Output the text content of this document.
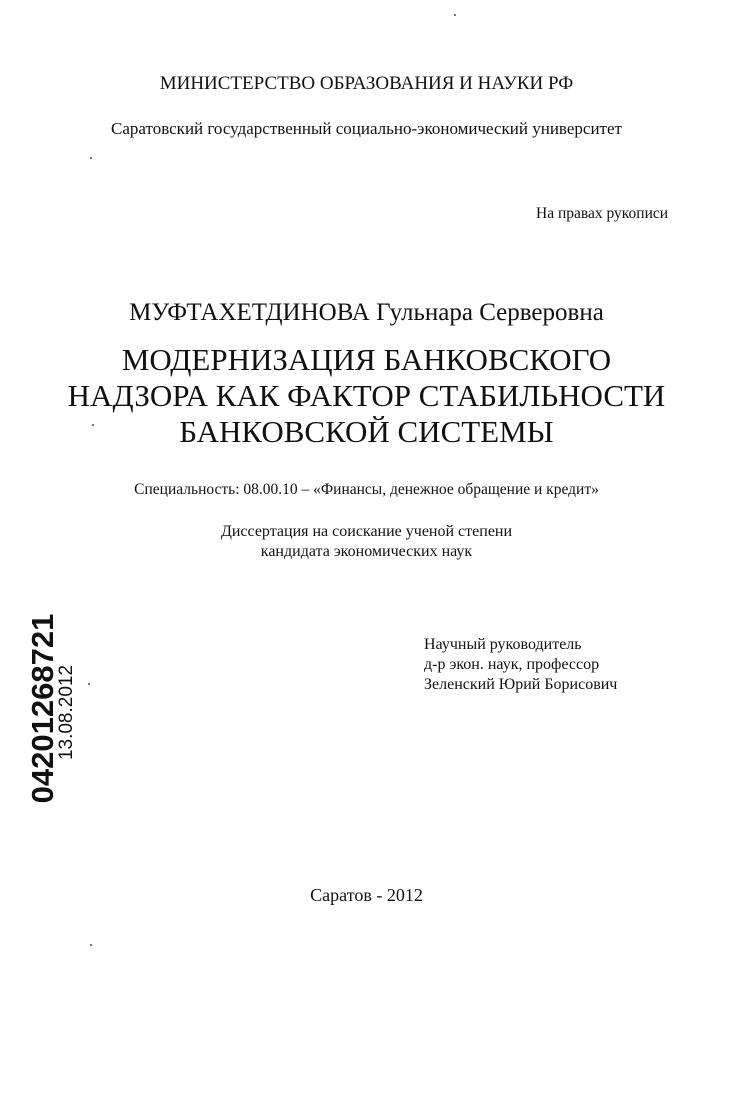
МИНИСТЕРСТВО ОБРАЗОВАНИЯ И НАУКИ РФ
Саратовский государственный социально-экономический университет
На правах рукописи
МУФТАХЕТДИНОВА Гульнара Серверовна
МОДЕРНИЗАЦИЯ БАНКОВСКОГО
НАДЗОРА КАК ФАКТОР СТАБИЛЬНОСТИ
БАНКОВСКОЙ СИСТЕМЫ
Специальность: 08.00.10 – «Финансы, денежное обращение и кредит»
Диссертация на соискание ученой степени
кандидата экономических наук
Научный руководитель
д-р экон. наук, профессор
Зеленский Юрий Борисович
Саратов - 2012
04201268721
13.08.2012
